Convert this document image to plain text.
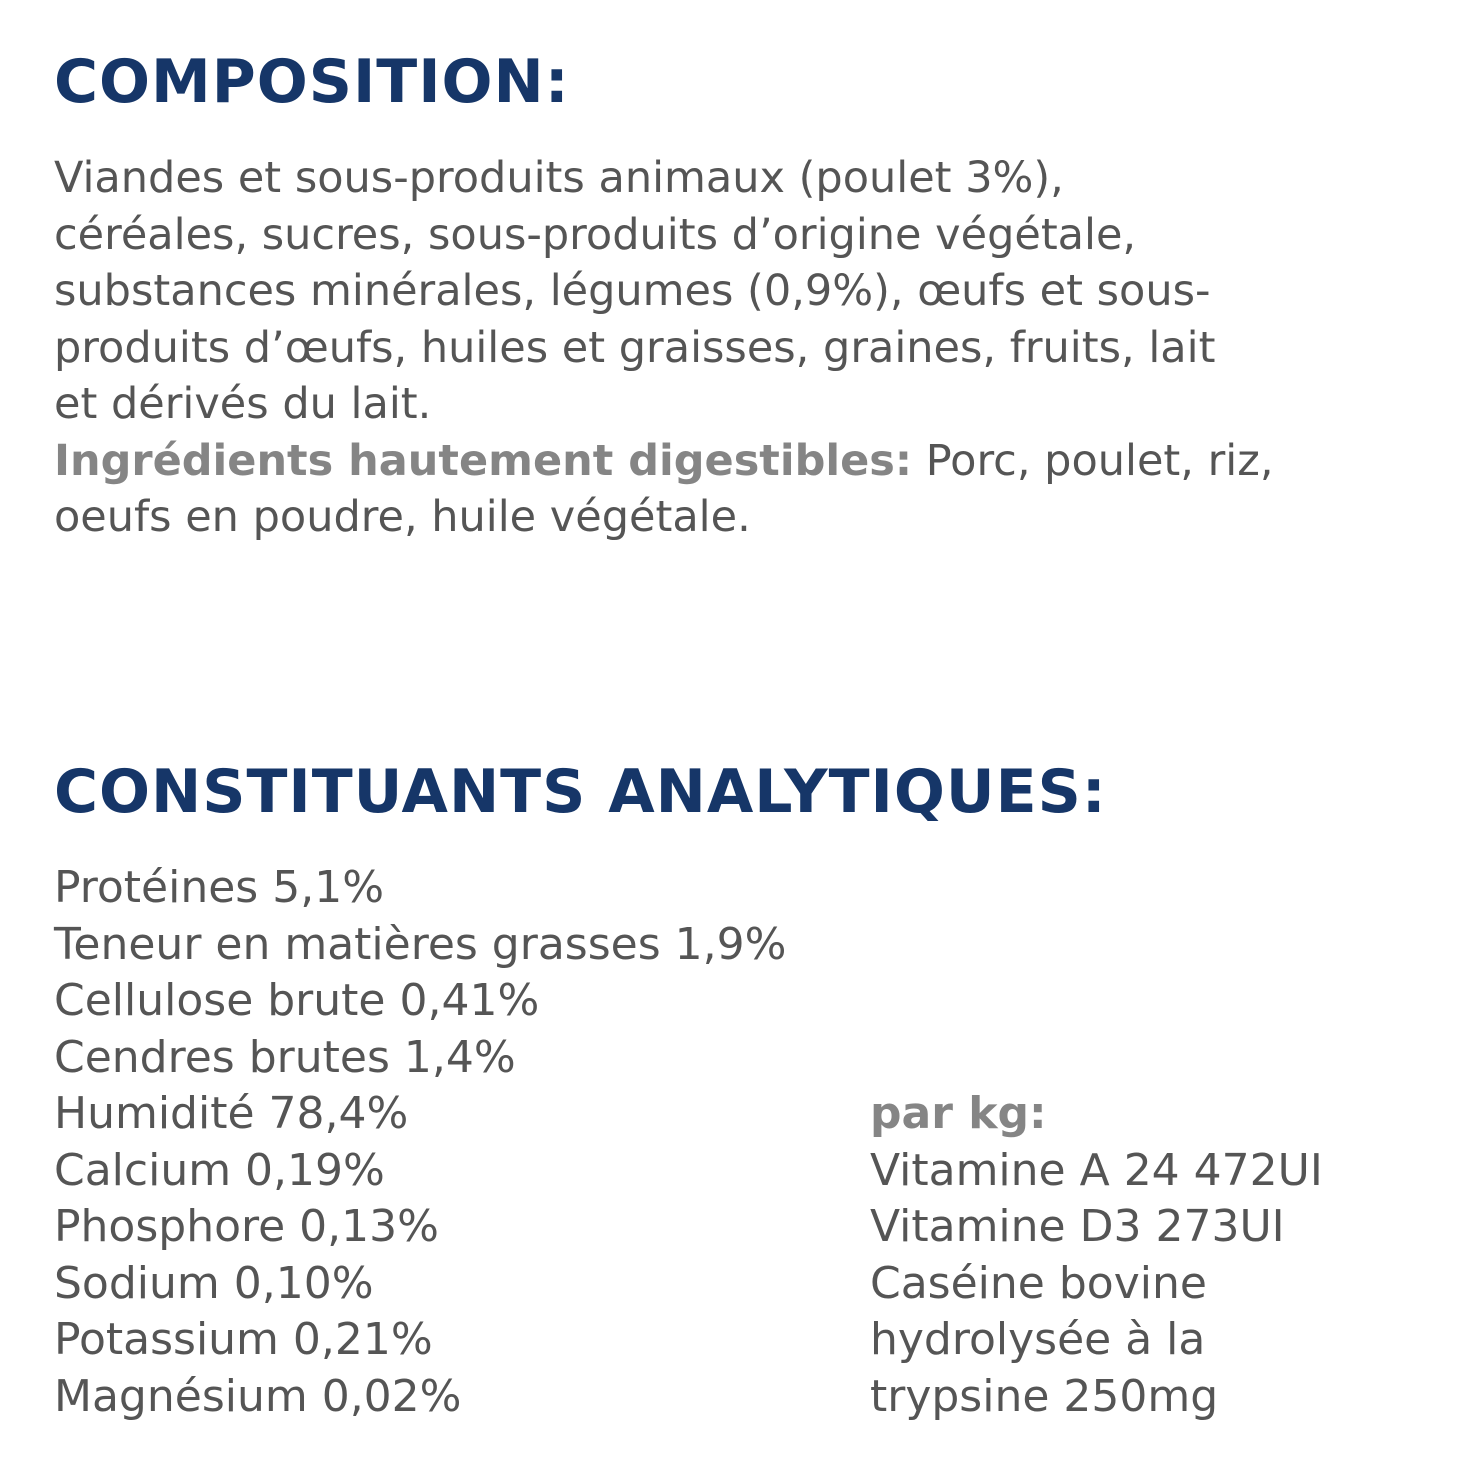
COMPOSITION:

Viandes et sous-produits animaux (poulet 3%),
céréales, sucres, sous-produits d’origine végétale,
substances minérales, légumes (0,9%), œufs et sous-
produits d’œufs, huiles et graisses, graines, fruits, lait
et dérivés du lait.
Ingrédients hautement digestibles: Porc, poulet, riz,
oeufs en poudre, huile végétale.

CONSTITUANTS ANALYTIQUES:
Protéines 5,1%
Teneur en matières grasses 1,9%
Cellulose brute 0,41%
Cendres brutes 1,4%
Humidité 78,4%
Calcium 0,19%
Phosphore 0,13%
Sodium 0,10%
Potassium 0,21%
Magnésium 0,02%
par kg:
Vitamine A 24 472UI
Vitamine D3 273UI
Caséine bovine
hydrolysée à la
trypsine 250mg
